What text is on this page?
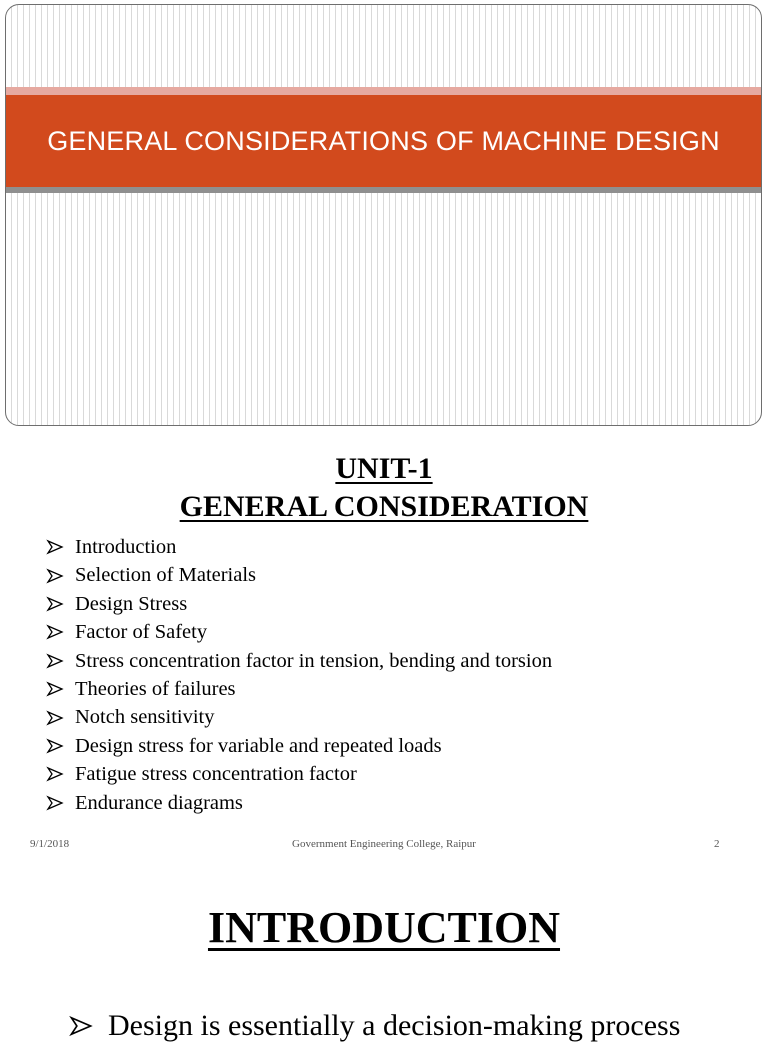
GENERAL CONSIDERATIONS OF MACHINE DESIGN
UNIT-1
GENERAL CONSIDERATION
Introduction
Selection of Materials
Design Stress
Factor of Safety
Stress concentration factor in tension, bending and torsion
Theories of failures
Notch sensitivity
Design stress for variable and repeated loads
Fatigue stress concentration factor
Endurance diagrams
9/1/2018	Government Engineering College, Raipur	2
INTRODUCTION
Design is essentially a decision-making process
